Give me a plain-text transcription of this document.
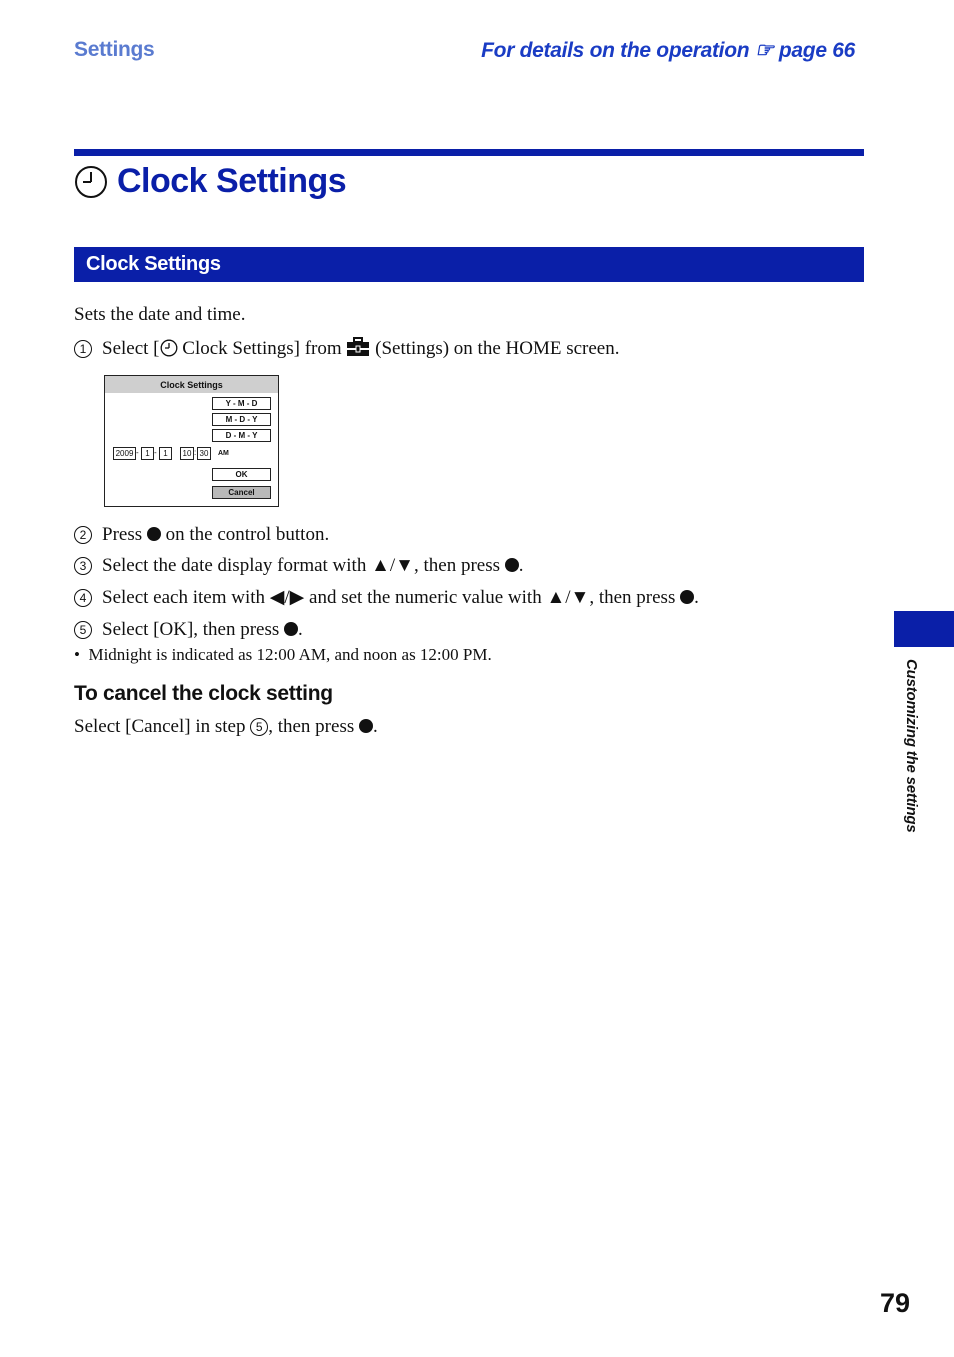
Settings	For details on the operation ☞ page 66
Clock Settings
Clock Settings
Sets the date and time.
1 Select [ Clock Settings] from  (Settings) on the HOME screen.
Clock Settings
Y - M - D
M - D - Y
D - M - Y
2009 - 1 - 1	10 : 30	AM
OK
Cancel
2 Press  on the control button.
3 Select the date display format with ▲/▼, then press .
4 Select each item with ◀/▶ and set the numeric value with ▲/▼, then press .
5 Select [OK], then press .
•  Midnight is indicated as 12:00 AM, and noon as 12:00 PM.
To cancel the clock setting
Select [Cancel] in step 5 , then press .	Customizing the settings
79
